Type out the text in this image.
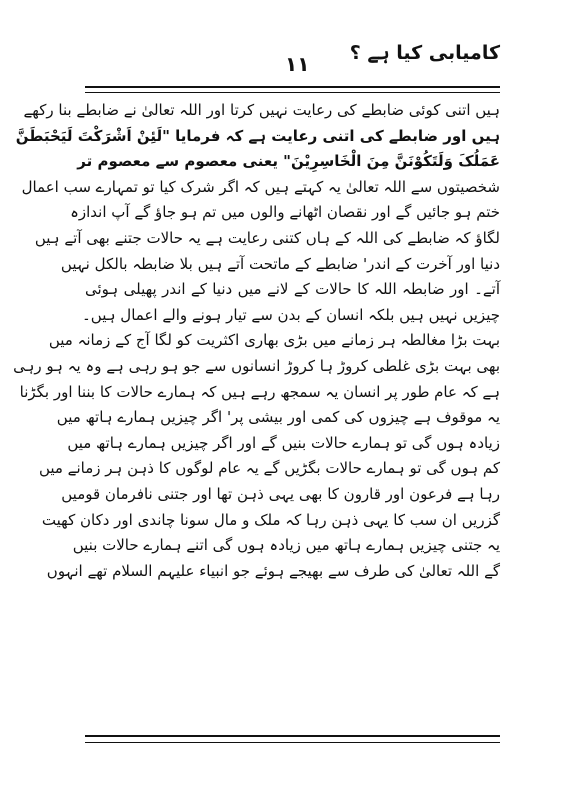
کامیابی کیا ہے ؟
١١
ہیں اتنی کوئی ضابطے کی رعایت نہیں کرتا اور اللہ تعالیٰ نے ضابطے بنا رکھے
ہیں اور ضابطے کی اتنی رعایت ہے کہ فرمایا "لَئِنْ اَشْرَکْتَ لَیَحْبَطَنَّ
عَمَلُکَ وَلَتَکُوْنَنَّ مِنَ الْخَاسِرِیْنَ" یعنی معصوم سے معصوم تر
شخصیتوں سے اللہ تعالیٰ یہ کہتے ہیں کہ اگر شرک کیا تو تمہارے سب اعمال
ختم ہو جائیں گے اور نقصان اٹھانے والوں میں تم ہو جاؤ گے آپ اندازہ
لگاؤ کہ ضابطے کی اللہ کے ہاں کتنی رعایت ہے یہ حالات جتنے بھی آتے ہیں
دنیا اور آخرت کے اندر' ضابطے کے ماتحت آتے ہیں بلا ضابطہ بالکل نہیں
آتے۔ اور ضابطہ اللہ کا حالات کے لانے میں دنیا کے اندر پھیلی ہوئی
چیزیں نہیں ہیں بلکہ انسان کے بدن سے تیار ہونے والے اعمال ہیں۔
بہت بڑا مغالطہ ہر زمانے میں بڑی بھاری اکثریت کو لگا آج کے زمانہ میں
بھی بہت بڑی غلطی کروڑ ہا کروڑ انسانوں سے جو ہو رہی ہے وہ یہ ہو رہی
ہے کہ عام طور پر انسان یہ سمجھ رہے ہیں کہ ہمارے حالات کا بننا اور بگڑنا
یہ موقوف ہے چیزوں کی کمی اور بیشی پر' اگر چیزیں ہمارے ہاتھ میں
زیادہ ہوں گی تو ہمارے حالات بنیں گے اور اگر چیزیں ہمارے ہاتھ میں
کم ہوں گی تو ہمارے حالات بگڑیں گے یہ عام لوگوں کا ذہن ہر زمانے میں
رہا ہے فرعون اور قارون کا بھی یہی ذہن تھا اور جتنی نافرمان قومیں
گزریں ان سب کا یہی ذہن رہا کہ ملک و مال سونا چاندی اور دکان کھیت
یہ جتنی چیزیں ہمارے ہاتھ میں زیادہ ہوں گی اتنے ہمارے حالات بنیں
گے اللہ تعالیٰ کی طرف سے بھیجے ہوئے جو انبیاء علیہم السلام تھے انہوں
